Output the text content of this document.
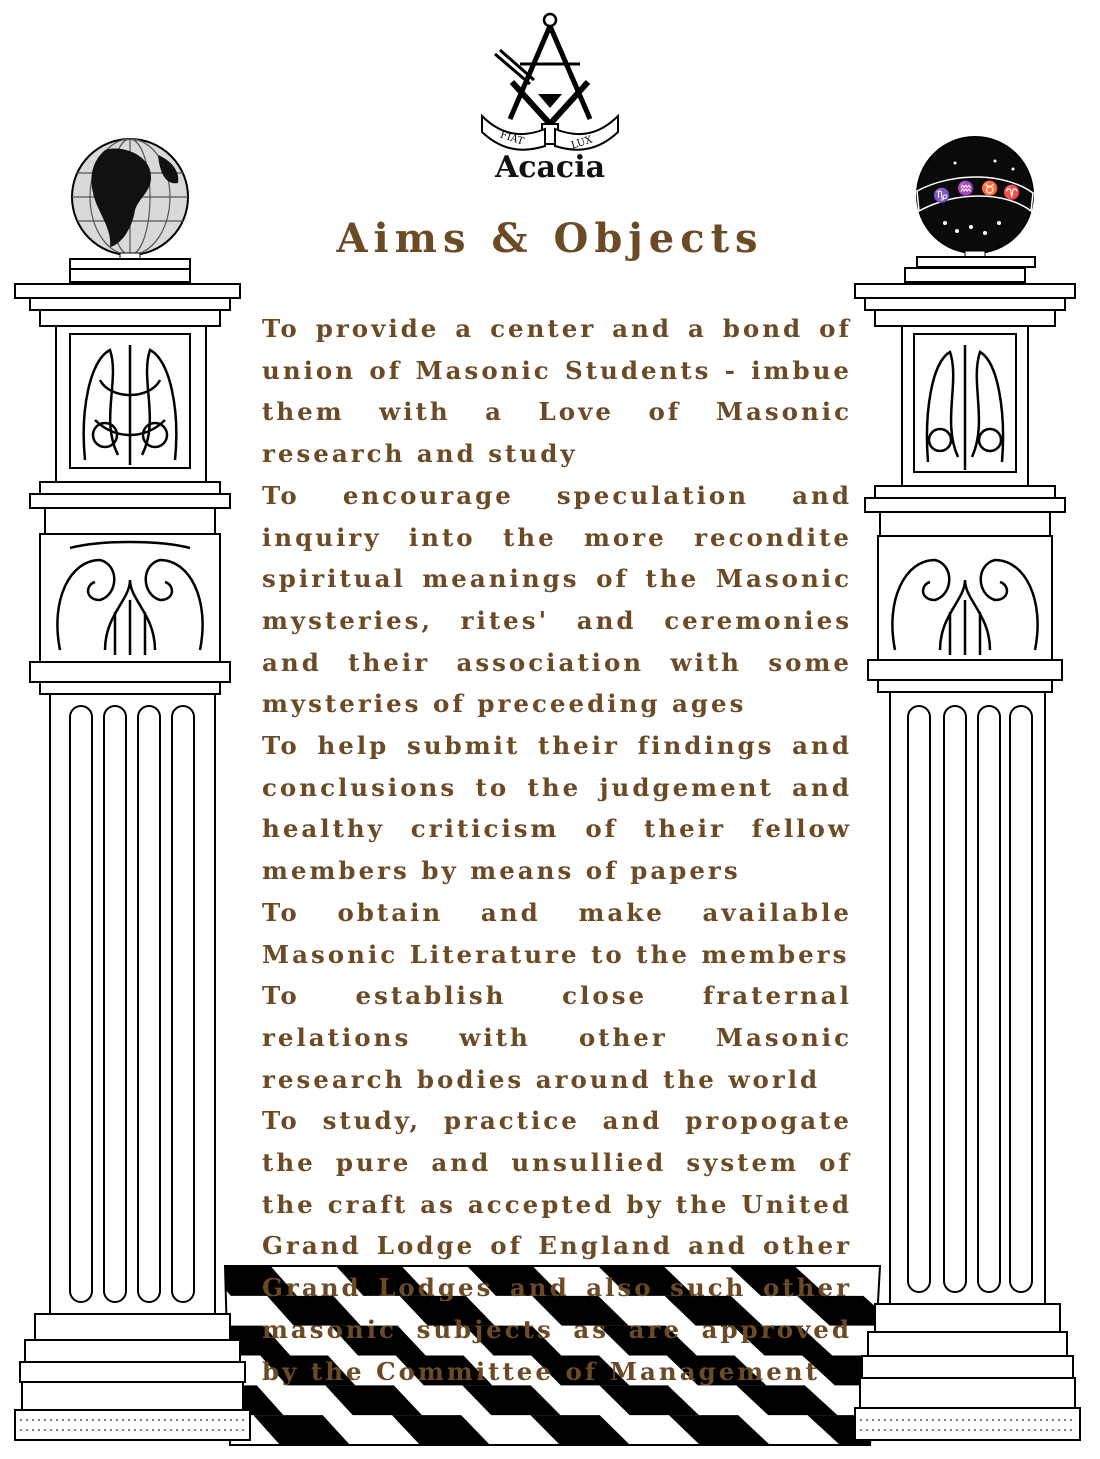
♑ ♒ ♉ ♈
FIAT	LUX
Acacia
Aims & Objects

To provide a center and a bond of union of Masonic Students - imbue them with a Love of Masonic research and study

To encourage speculation and inquiry into the more recondite spiritual meanings of the Masonic mysteries, rites' and ceremonies and their association with some mysteries of preceeding ages

To help submit their findings and conclusions to the judgement and healthy criticism of their fellow members by means of papers

To obtain and make available Masonic Literature to the members

To establish close fraternal relations with other Masonic research bodies around the world

To study, practice and propogate the pure and unsullied system of the craft as accepted by the United Grand Lodge of England and other Grand Lodges and also such other masonic subjects as are approved by the Committee of Management
